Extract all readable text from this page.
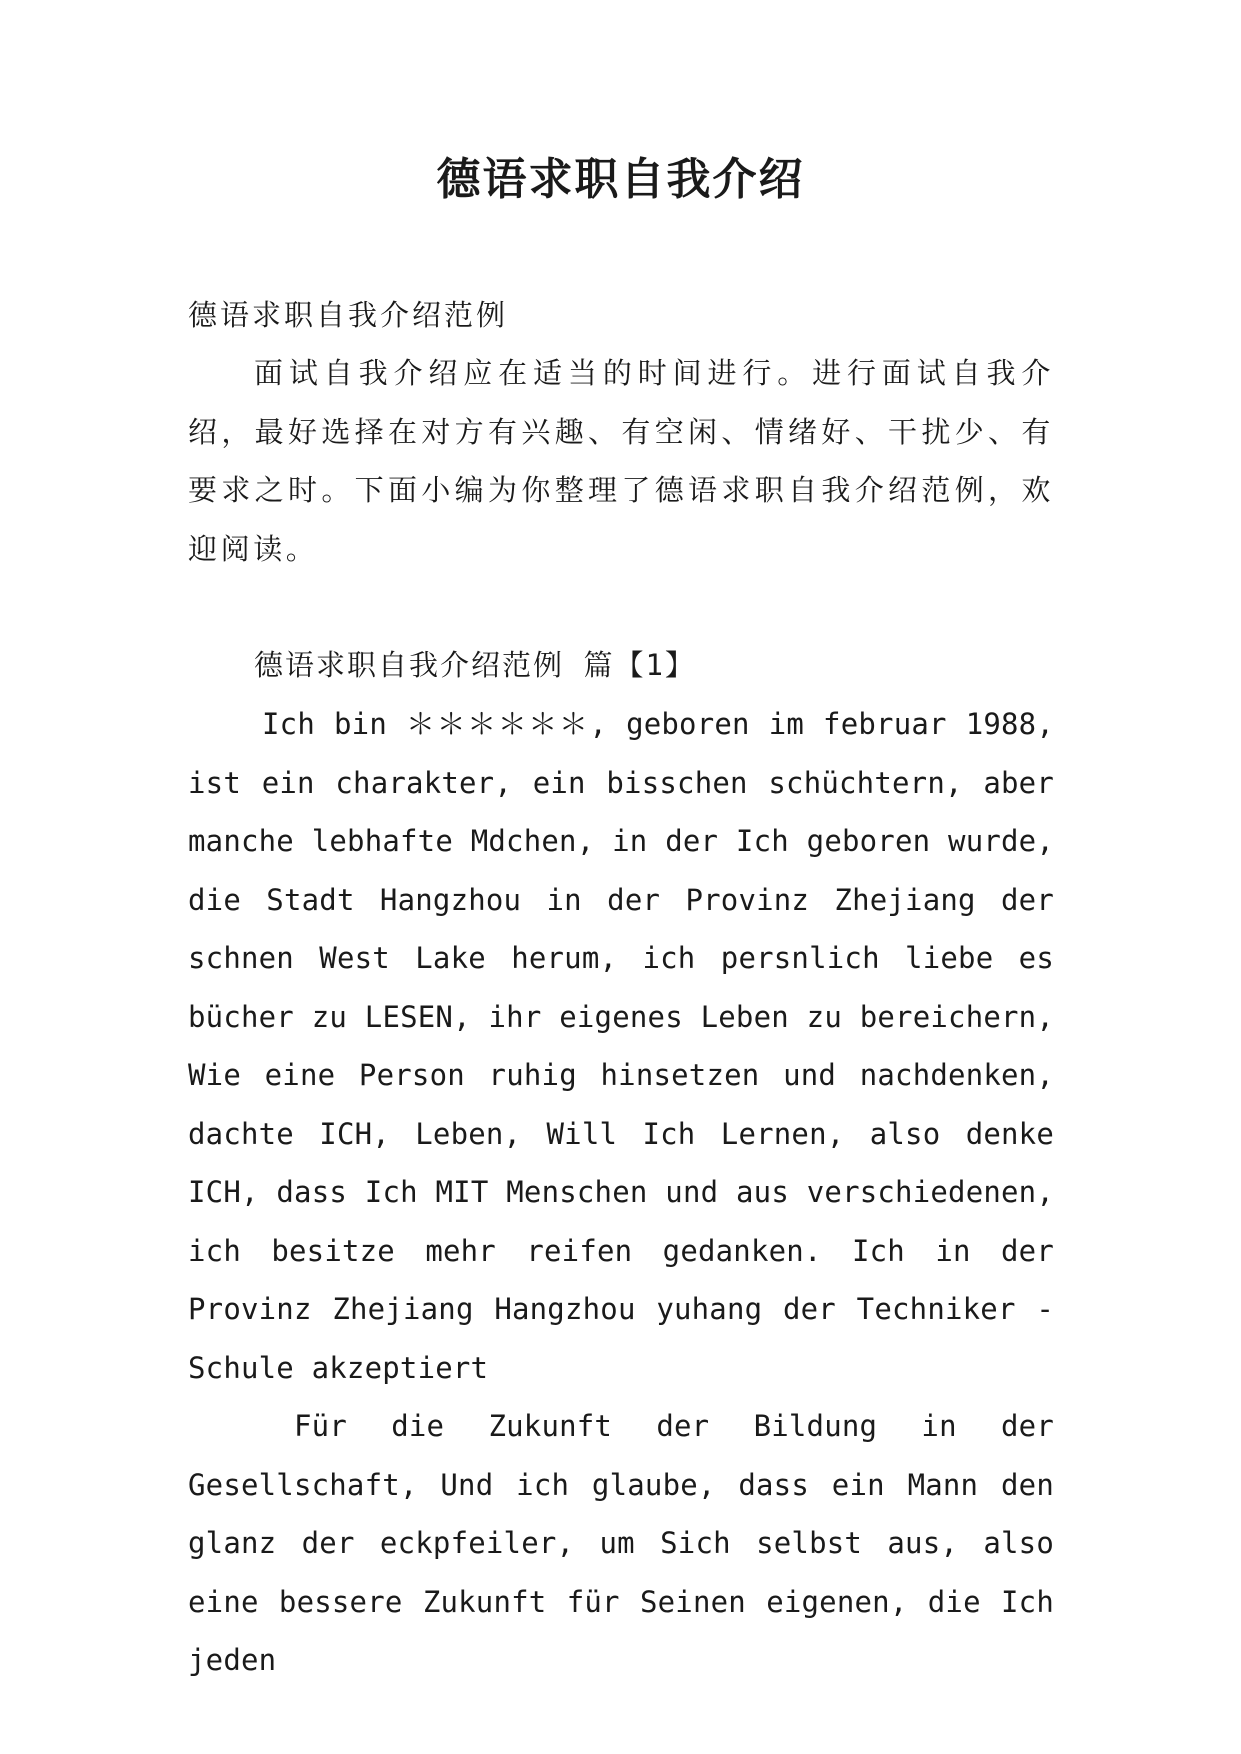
德语求职自我介绍
德语求职自我介绍范例
面试自我介绍应在适当的时间进行。进行面试自我介绍，最好选择在对方有兴趣、有空闲、情绪好、干扰少、有要求之时。下面小编为你整理了德语求职自我介绍范例，欢迎阅读。
德语求职自我介绍范例 篇【1】

Ich bin ＊＊＊＊＊＊, geboren im februar 1988, ist ein charakter, ein bisschen schüchtern, aber manche lebhafte Mdchen, in der Ich geboren wurde, die Stadt Hangzhou in der Provinz Zhejiang der schnen West Lake herum, ich persnlich liebe es bücher zu LESEN, ihr eigenes Leben zu bereichern, Wie eine Person ruhig hinsetzen und nachdenken, dachte ICH, Leben, Will Ich Lernen, also denke ICH, dass Ich MIT Menschen und aus verschiedenen, ich besitze mehr reifen gedanken. Ich in der Provinz Zhejiang Hangzhou yuhang der Techniker - Schule akzeptiert

Für die Zukunft der Bildung in der Gesellschaft, Und ich glaube, dass ein Mann den glanz der eckpfeiler, um Sich selbst aus, also eine bessere Zukunft für Seinen eigenen, die Ich jeden
